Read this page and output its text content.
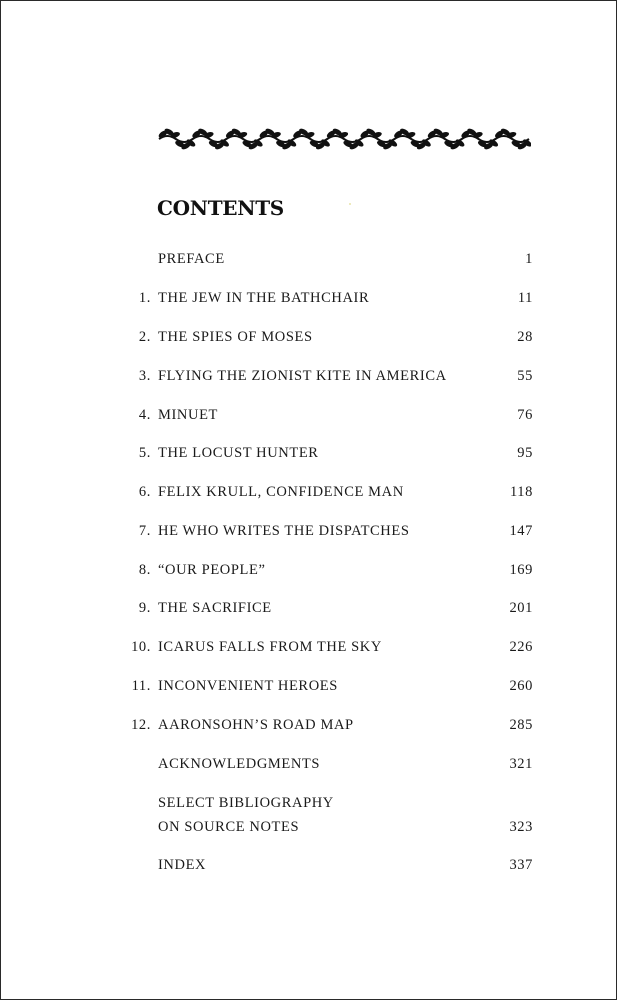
CONTENTS
PREFACE	1
1. THE JEW IN THE BATHCHAIR	11
2. THE SPIES OF MOSES	28
3. FLYING THE ZIONIST KITE IN AMERICA	55
4. MINUET	76
5. THE LOCUST HUNTER	95
6. FELIX KRULL, CONFIDENCE MAN	118
7. HE WHO WRITES THE DISPATCHES	147
8. “OUR PEOPLE”	169
9. THE SACRIFICE	201
10. ICARUS FALLS FROM THE SKY	226
11. INCONVENIENT HEROES	260
12. AARONSOHN’S ROAD MAP	285
ACKNOWLEDGMENTS	321
SELECT BIBLIOGRAPHY
ON SOURCE NOTES	323
INDEX	337
